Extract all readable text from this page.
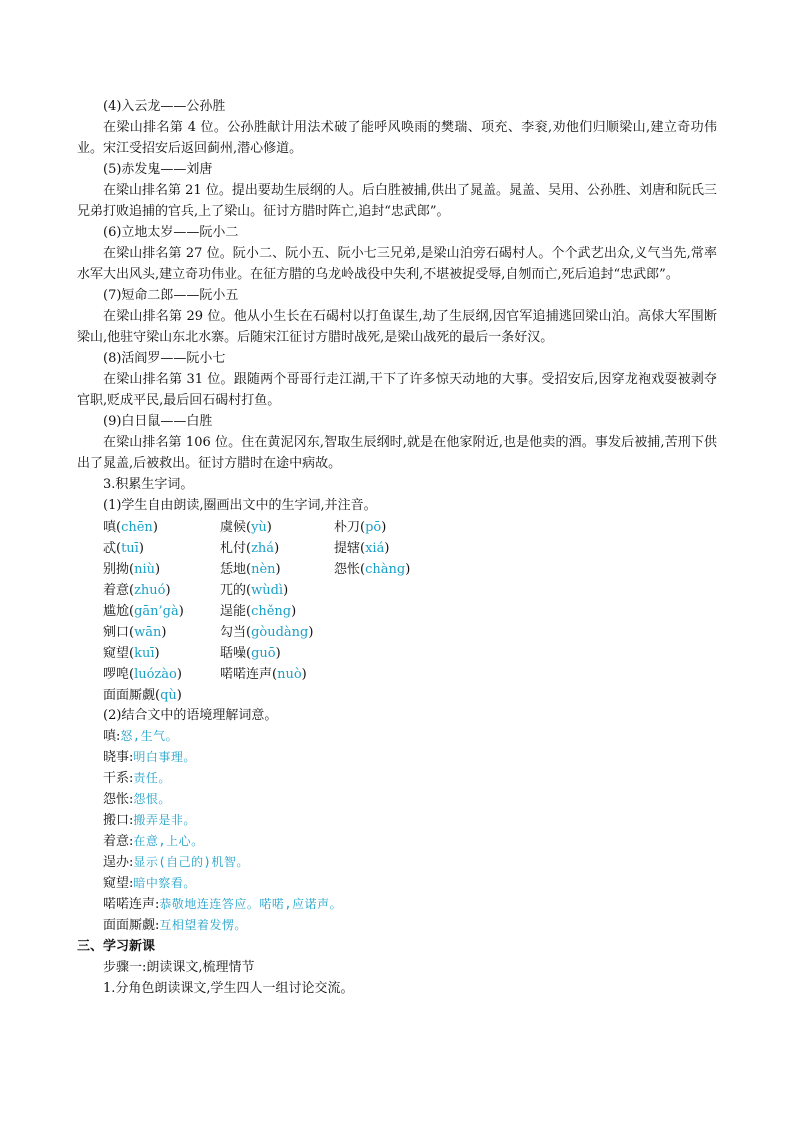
(4)入云龙——公孙胜
在梁山排名第 4 位。公孙胜献计用法术破了能呼风唤雨的樊瑞、项充、李衮,劝他们归顺梁山,建立奇功伟业。宋江受招安后返回蓟州,潜心修道。
(5)赤发鬼——刘唐
在梁山排名第 21 位。提出要劫生辰纲的人。后白胜被捕,供出了晁盖。晁盖、吴用、公孙胜、刘唐和阮氏三兄弟打败追捕的官兵,上了梁山。征讨方腊时阵亡,追封“忠武郎”。
(6)立地太岁——阮小二
在梁山排名第 27 位。阮小二、阮小五、阮小七三兄弟,是梁山泊旁石碣村人。个个武艺出众,义气当先,常率水军大出风头,建立奇功伟业。在征方腊的乌龙岭战役中失利,不堪被捉受辱,自刎而亡,死后追封“忠武郎”。
(7)短命二郎——阮小五
在梁山排名第 29 位。他从小生长在石碣村以打鱼谋生,劫了生辰纲,因官军追捕逃回梁山泊。高俅大军围断梁山,他驻守梁山东北水寨。后随宋江征讨方腊时战死,是梁山战死的最后一条好汉。
(8)活阎罗——阮小七
在梁山排名第 31 位。跟随两个哥哥行走江湖,干下了许多惊天动地的大事。受招安后,因穿龙袍戏耍被剥夺官职,贬成平民,最后回石碣村打鱼。
(9)白日鼠——白胜
在梁山排名第 106 位。住在黄泥冈东,智取生辰纲时,就是在他家附近,也是他卖的酒。事发后被捕,苦刑下供出了晁盖,后被救出。征讨方腊时在途中病故。
3.积累生字词。
(1)学生自由朗读,圈画出文中的生字词,并注音。
嗔(chēn)	虞候(yù)	朴刀(pō)
忒(tuī)	札付(zhá)	提辖(xiá)
别拗(niù)	恁地(nèn)	怨怅(chàng)
着意(zhuó)	兀的(wùdì)
尴尬(gān’gà)	逞能(chěng)
剜口(wān)	勾当(gòudàng)
窥望(kuī)	聒噪(guō)
啰唣(luózào)	喏喏连声(nuò)
面面厮觑(qù)
(2)结合文中的语境理解词意。
嗔:怒,生气。
晓事:明白事理。
干系:责任。
怨怅:怨恨。
搬口:搬弄是非。
着意:在意,上心。
逞办:显示(自己的)机智。
窥望:暗中察看。
喏喏连声:恭敬地连连答应。喏喏,应诺声。
面面厮觑:互相望着发愣。
三、学习新课
步骤一:朗读课文,梳理情节
1.分角色朗读课文,学生四人一组讨论交流。
